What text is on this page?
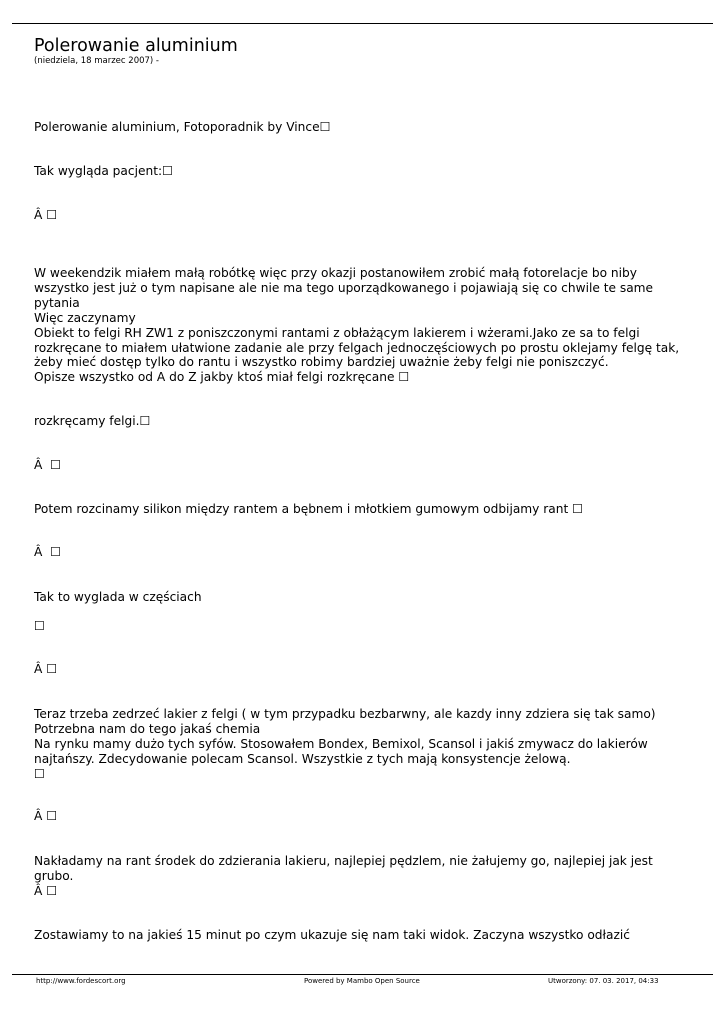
Polerowanie aluminium
(niedziela, 18 marzec 2007) -
Polerowanie aluminium, Fotoporadnik by Vince☐
Tak wygląda pacjent:☐
Â ☐
W weekendzik miałem małą robótkę więc przy okazji postanowiłem zrobić małą fotorelacje bo niby
wszystko jest już o tym napisane ale nie ma tego uporządkowanego i pojawiają się co chwile te same
pytania
Więc zaczynamy
Obiekt to felgi RH ZW1 z poniszczonymi rantami z obłażącym lakierem i wżerami.Jako ze sa to felgi
rozkręcane to miałem ułatwione zadanie ale przy felgach jednoczęściowych po prostu oklejamy felgę tak,
żeby mieć dostęp tylko do rantu i wszystko robimy bardziej uważnie żeby felgi nie poniszczyć.
Opisze wszystko od A do Z jakby ktoś miał felgi rozkręcane ☐
rozkręcamy felgi.☐
Â  ☐
Potem rozcinamy silikon między rantem a bębnem i młotkiem gumowym odbijamy rant ☐
Â  ☐
Tak to wyglada w częściach
☐
Â ☐
Teraz trzeba zedrzeć lakier z felgi ( w tym przypadku bezbarwny, ale kazdy inny zdziera się tak samo)
Potrzebna nam do tego jakaś chemia
Na rynku mamy dużo tych syfów. Stosowałem Bondex, Bemixol, Scansol i jakiś zmywacz do lakierów
najtańszy. Zdecydowanie polecam Scansol. Wszystkie z tych mają konsystencje żelową.
☐
Â ☐
Nakładamy na rant środek do zdzierania lakieru, najlepiej pędzlem, nie żałujemy go, najlepiej jak jest
grubo.
Â ☐
Zostawiamy to na jakieś 15 minut po czym ukazuje się nam taki widok. Zaczyna wszystko odłazić
http://www.fordescort.org	Powered by Mambo Open Source	Utworzony: 07. 03. 2017, 04:33
